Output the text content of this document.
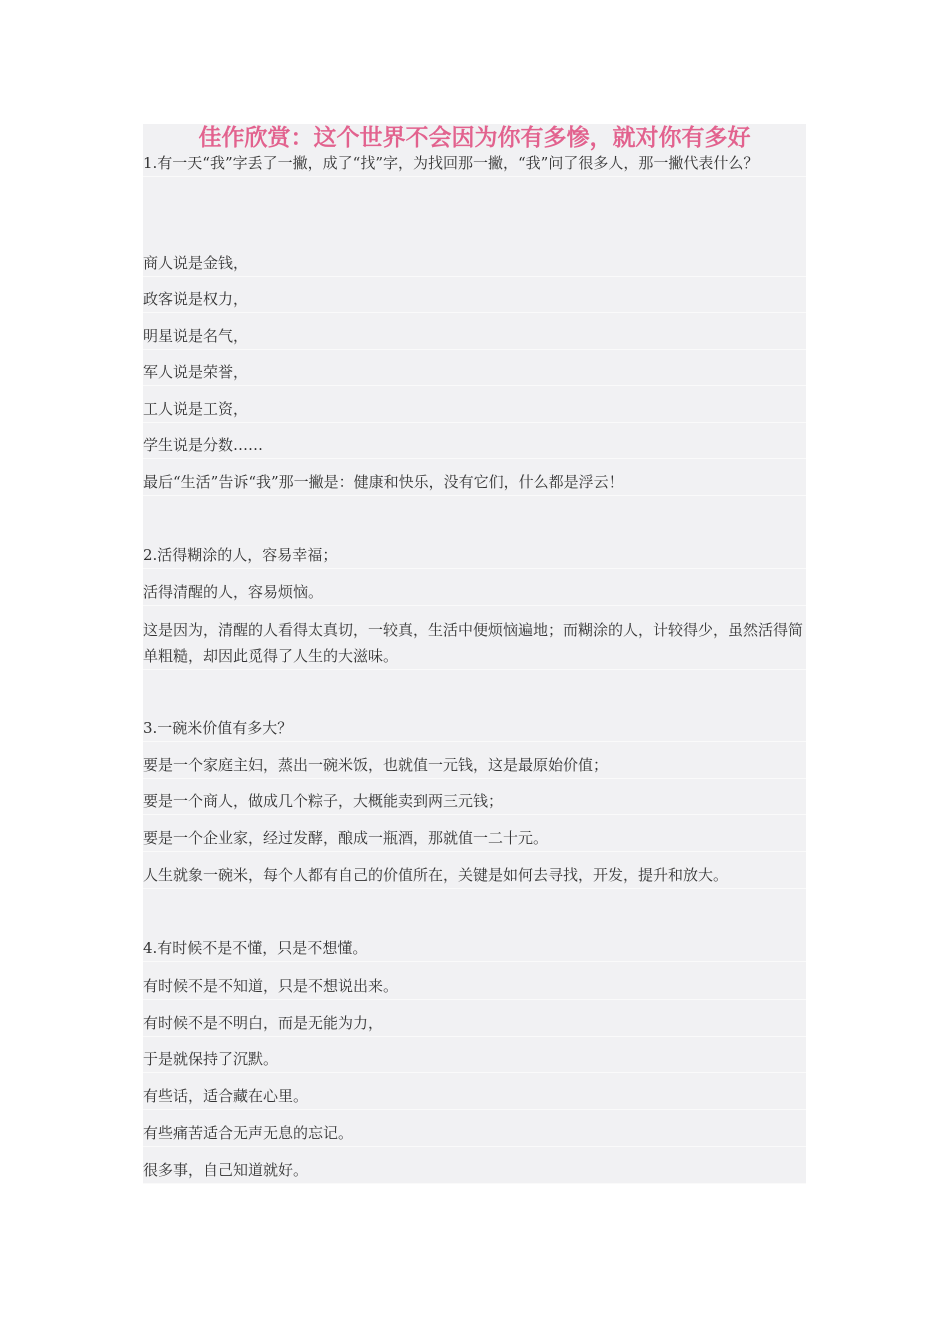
佳作欣赏：这个世界不会因为你有多惨，就对你有多好
1.有一天“我”字丢了一撇，成了“找”字，为找回那一撇，“我”问了很多人，那一撇代表什么？
商人说是金钱，
政客说是权力，
明星说是名气，
军人说是荣誉，
工人说是工资，
学生说是分数……
最后“生活”告诉“我”那一撇是：健康和快乐，没有它们，什么都是浮云！
2.活得糊涂的人，容易幸福；
活得清醒的人，容易烦恼。
这是因为，清醒的人看得太真切，一较真，生活中便烦恼遍地；而糊涂的人，计较得少，虽然活得简单粗糙，却因此觅得了人生的大滋味。
3.一碗米价值有多大？
要是一个家庭主妇，蒸出一碗米饭，也就值一元钱，这是最原始价值；
要是一个商人，做成几个粽子，大概能卖到两三元钱；
要是一个企业家，经过发酵，酿成一瓶酒，那就值一二十元。
人生就象一碗米，每个人都有自己的价值所在，关键是如何去寻找，开发，提升和放大。
4.有时候不是不懂，只是不想懂。
有时候不是不知道，只是不想说出来。
有时候不是不明白，而是无能为力，
于是就保持了沉默。
有些话，适合藏在心里。
有些痛苦适合无声无息的忘记。
很多事，自己知道就好。
